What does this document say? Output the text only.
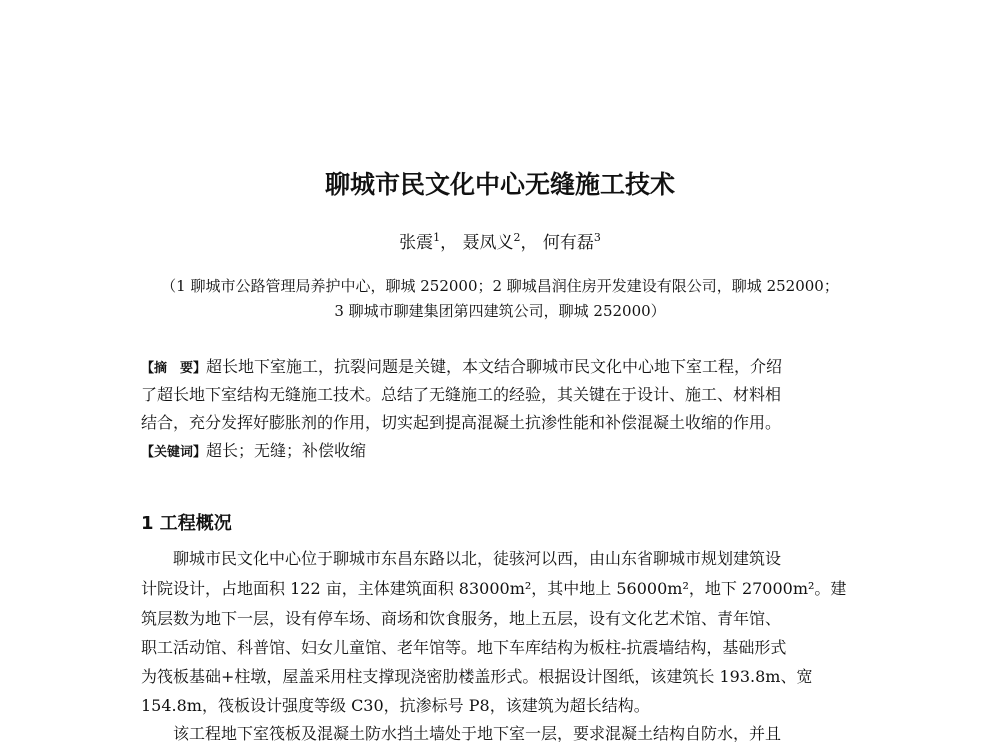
聊城市民文化中心无缝施工技术
张震$^1$， 聂凤义$^2$， 何有磊$^3$
（1 聊城市公路管理局养护中心，聊城 252000；2 聊城昌润住房开发建设有限公司，聊城 252000；
3 聊城市聊建集团第四建筑公司，聊城 252000）
【摘　要】超长地下室施工，抗裂问题是关键，本文结合聊城市民文化中心地下室工程，介绍
了超长地下室结构无缝施工技术。总结了无缝施工的经验，其关键在于设计、施工、材料相
结合，充分发挥好膨胀剂的作用，切实起到提高混凝土抗渗性能和补偿混凝土收缩的作用。
【关键词】超长；无缝；补偿收缩
1 工程概况
聊城市民文化中心位于聊城市东昌东路以北，徒骇河以西，由山东省聊城市规划建筑设
计院设计，占地面积 122 亩，主体建筑面积 83000m²，其中地上 56000m²，地下 27000m²。建
筑层数为地下一层，设有停车场、商场和饮食服务，地上五层，设有文化艺术馆、青年馆、
职工活动馆、科普馆、妇女儿童馆、老年馆等。地下车库结构为板柱-抗震墙结构，基础形式
为筏板基础+柱墩，屋盖采用柱支撑现浇密肋楼盖形式。根据设计图纸，该建筑长 193.8m、宽
154.8m，筏板设计强度等级 C30，抗渗标号 P8，该建筑为超长结构。
该工程地下室筏板及混凝土防水挡土墙处于地下室一层，要求混凝土结构自防水，并且
